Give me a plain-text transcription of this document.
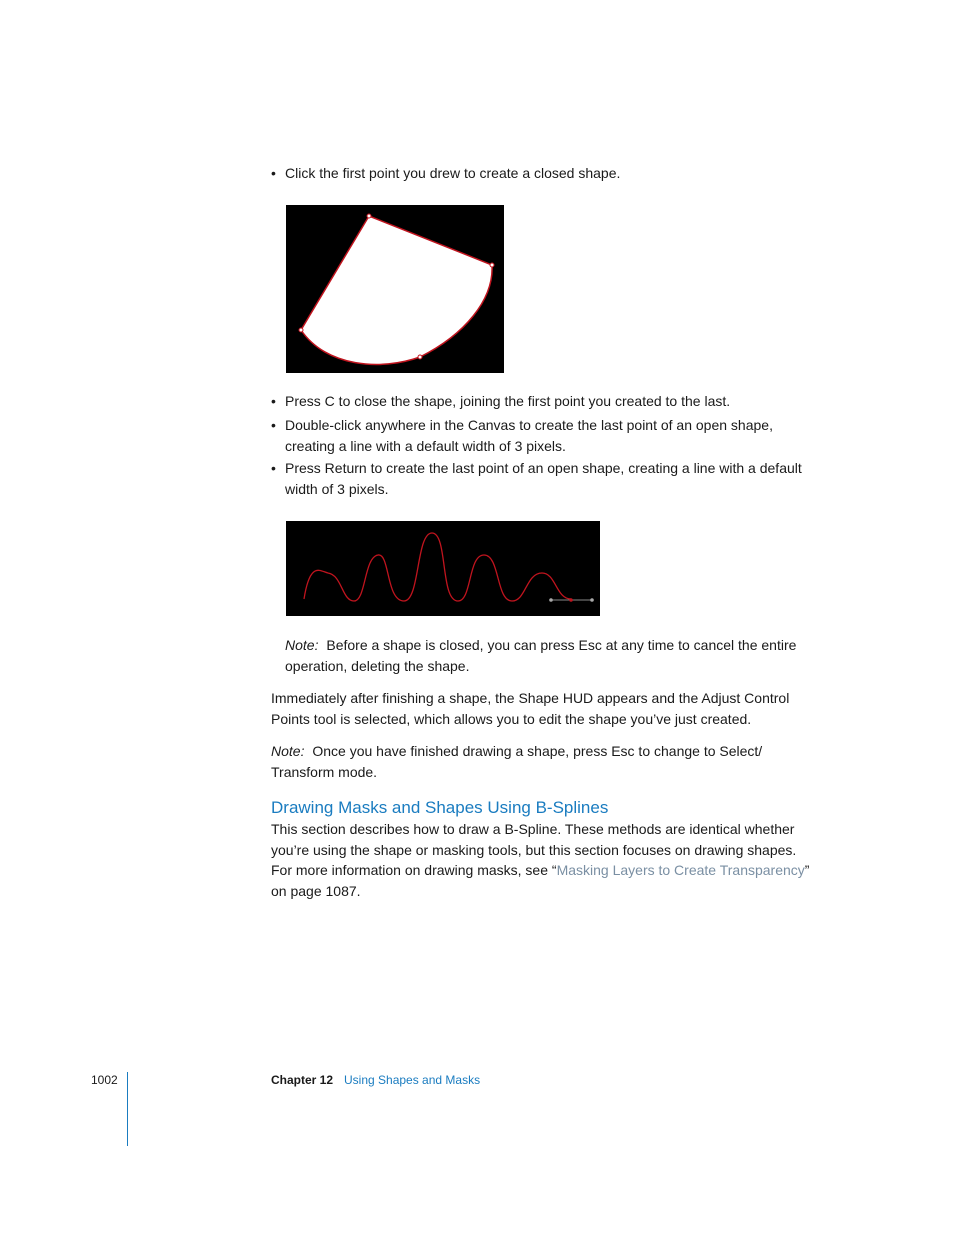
• Click the first point you drew to create a closed shape.
• Press C to close the shape, joining the first point you created to the last.
• Double-click anywhere in the Canvas to create the last point of an open shape, creating a line with a default width of 3 pixels.
• Press Return to create the last point of an open shape, creating a line with a default width of 3 pixels.
Note: Before a shape is closed, you can press Esc at any time to cancel the entire operation, deleting the shape.
Immediately after finishing a shape, the Shape HUD appears and the Adjust Control Points tool is selected, which allows you to edit the shape you’ve just created.
Note: Once you have finished drawing a shape, press Esc to change to Select/ Transform mode.
Drawing Masks and Shapes Using B-Splines
This section describes how to draw a B-Spline. These methods are identical whether you’re using the shape or masking tools, but this section focuses on drawing shapes. For more information on drawing masks, see “Masking Layers to Create Transparency” on page 1087.
1002	Chapter 12 Using Shapes and Masks
